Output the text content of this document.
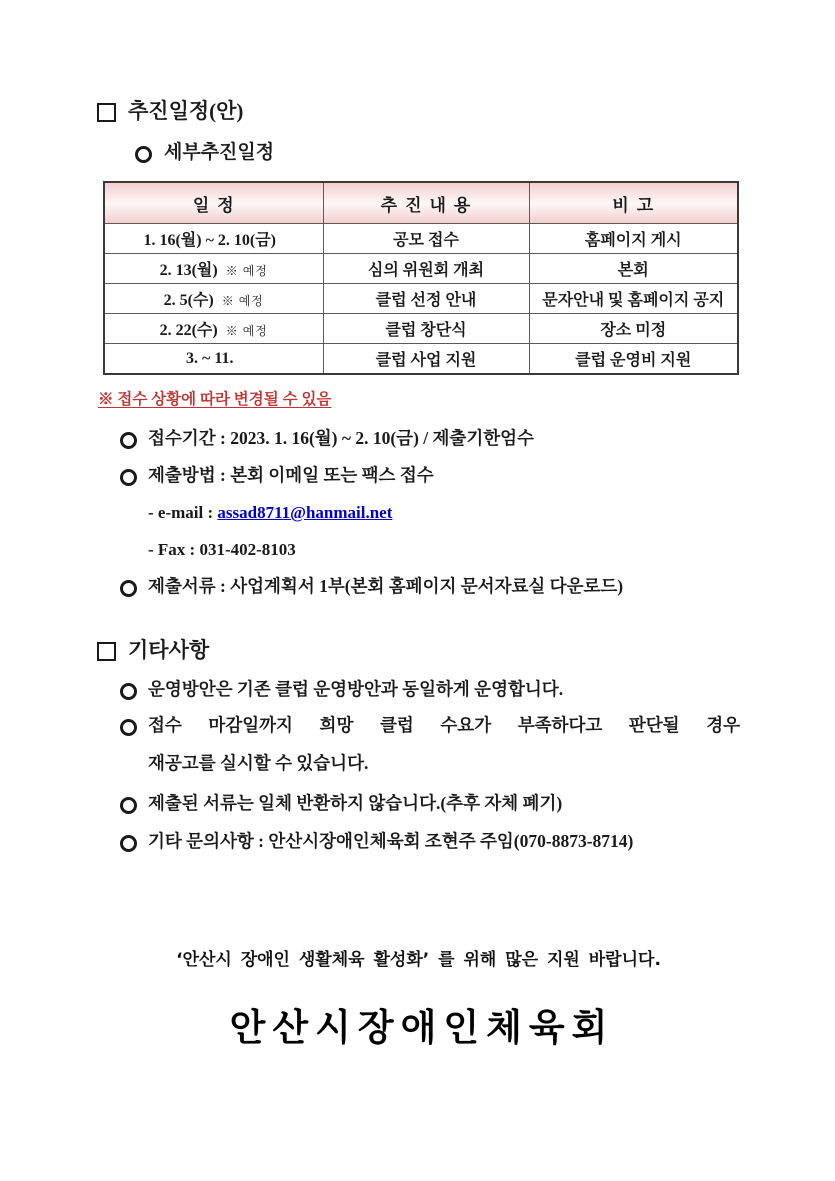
추진일정(안)
세부추진일정
일정	추진내용	비고
1. 16(월) ~ 2. 10(금)	공모 접수	홈페이지 게시
2. 13(월) ※ 예정	심의 위원회 개최	본회
2. 5(수) ※ 예정	클럽 선정 안내	문자안내 및 홈페이지 공지
2. 22(수) ※ 예정	클럽 창단식	장소 미정
3. ~ 11.	클럽 사업 지원	클럽 운영비 지원
※ 접수 상황에 따라 변경될 수 있음
접수기간 : 2023. 1. 16(월) ~ 2. 10(금) / 제출기한엄수
제출방법 : 본회 이메일 또는 팩스 접수
- e-mail : assad8711@hanmail.net
- Fax : 031-402-8103
제출서류 : 사업계획서 1부(본회 홈페이지 문서자료실 다운로드)
기타사항
운영방안은 기존 클럽 운영방안과 동일하게 운영합니다.
접수 마감일까지 희망 클럽 수요가 부족하다고 판단될 경우
재공고를 실시할 수 있습니다.
제출된 서류는 일체 반환하지 않습니다.(추후 자체 폐기)
기타 문의사항 : 안산시장애인체육회 조현주 주임(070-8873-8714)
‘안산시 장애인 생활체육 활성화’ 를 위해 많은 지원 바랍니다.
안산시장애인체육회
